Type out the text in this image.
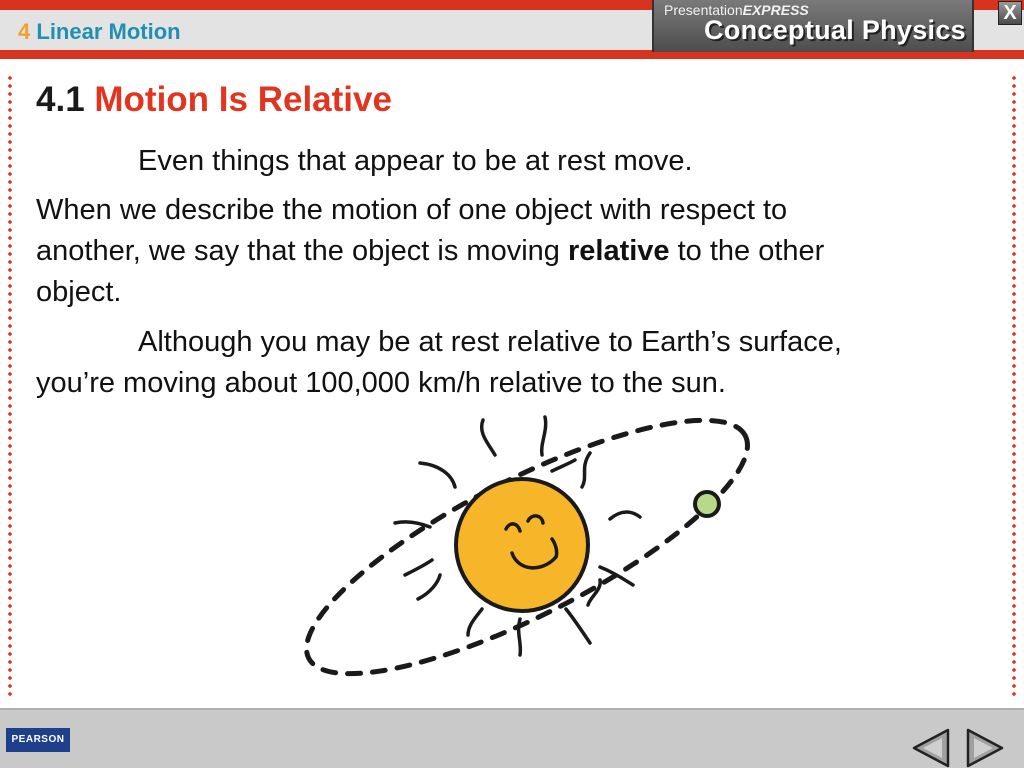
4 Linear Motion
PresentationEXPRESS
Conceptual Physics
X
4.1 Motion Is Relative
Even things that appear to be at rest move.
When we describe the motion of one object with respect to another, we say that the object is moving relative to the other object.
Although you may be at rest relative to Earth’s surface, you’re moving about 100,000 km/h relative to the sun.
PEARSON
